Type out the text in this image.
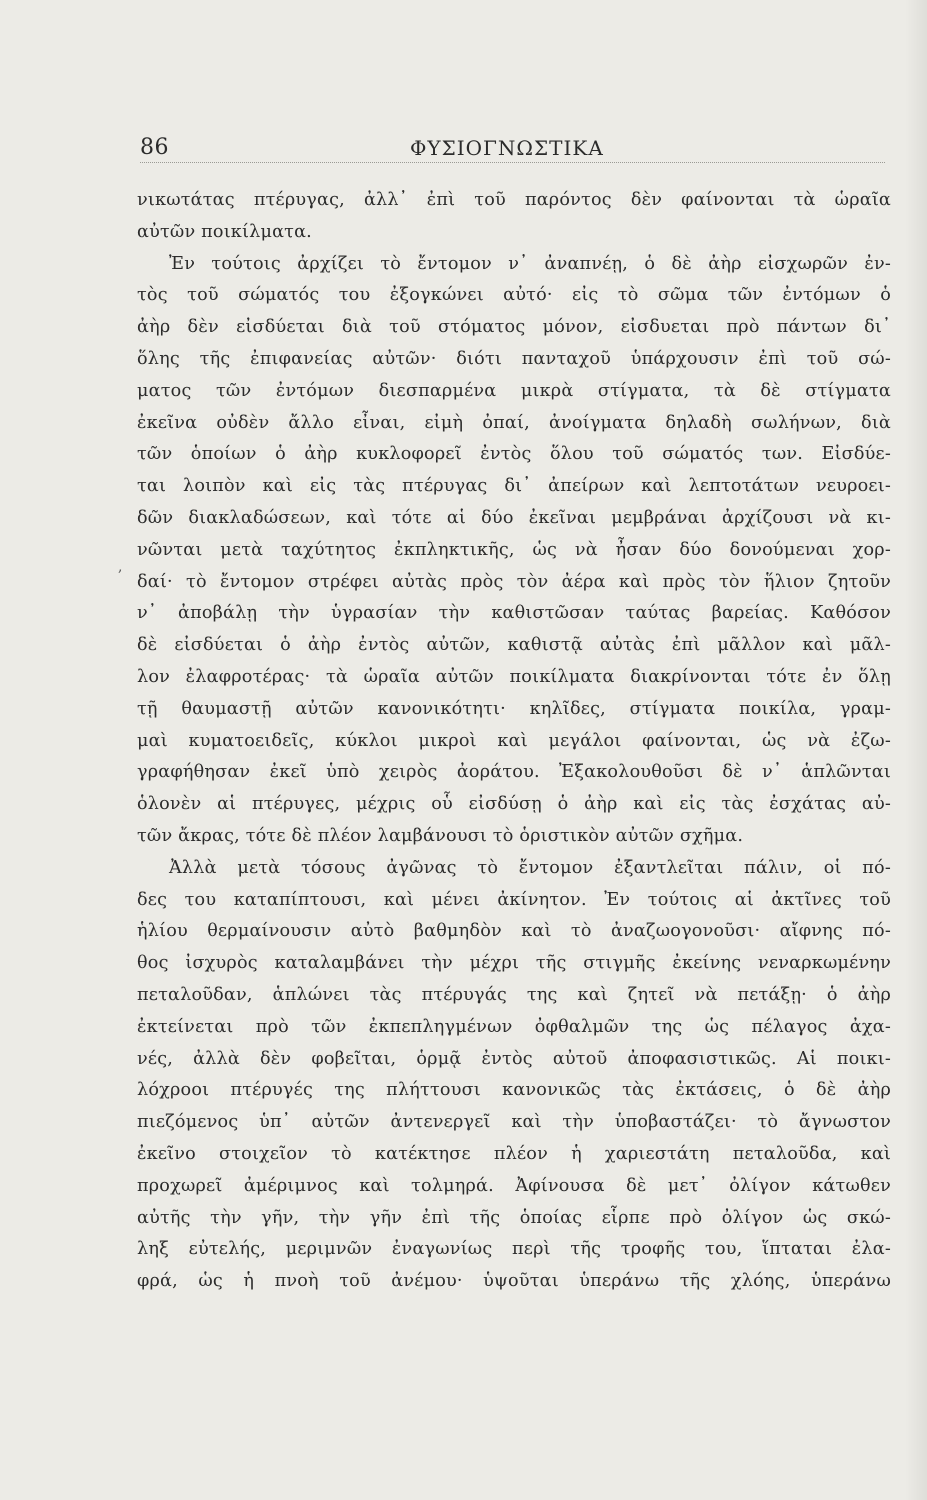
86	ΦΥΣΙΟΓΝΩΣΤΙΚΑ
,
νικωτάτας πτέρυγας, ἀλλ᾽ ἐπὶ τοῦ παρόντος δὲν φαίνονται τὰ ὡραῖα
αὐτῶν ποικίλματα.
Ἐν τούτοις ἀρχίζει τὸ ἔντομον ν᾽ ἀναπνέῃ, ὁ δὲ ἀὴρ εἰσχωρῶν ἐν-
τὸς τοῦ σώματός του ἐξογκώνει αὐτό· εἰς τὸ σῶμα τῶν ἐντόμων ὁ
ἀὴρ δὲν εἰσδύεται διὰ τοῦ στόματος μόνον, εἰσδυεται πρὸ πάντων δι᾽
ὅλης τῆς ἐπιφανείας αὐτῶν· διότι πανταχοῦ ὑπάρχουσιν ἐπὶ τοῦ σώ-
ματος τῶν ἐντόμων διεσπαρμένα μικρὰ στίγματα, τὰ δὲ στίγματα
ἐκεῖνα οὐδὲν ἄλλο εἶναι, εἰμὴ ὀπαί, ἀνοίγματα δηλαδὴ σωλήνων, διὰ
τῶν ὁποίων ὁ ἀὴρ κυκλοφορεῖ ἐντὸς ὅλου τοῦ σώματός των. Εἰσδύε-
ται λοιπὸν καὶ εἰς τὰς πτέρυγας δι᾽ ἀπείρων καὶ λεπτοτάτων νευροει-
δῶν διακλαδώσεων, καὶ τότε αἱ δύο ἐκεῖναι μεμβράναι ἀρχίζουσι νὰ κι-
νῶνται μετὰ ταχύτητος ἐκπληκτικῆς, ὡς νὰ ἦσαν δύο δονούμεναι χορ-
δαί· τὸ ἔντομον στρέφει αὐτὰς πρὸς τὸν ἀέρα καὶ πρὸς τὸν ἥλιον ζητοῦν
ν᾽ ἀποβάλῃ τὴν ὑγρασίαν τὴν καθιστῶσαν ταύτας βαρείας. Καθόσον
δὲ εἰσδύεται ὁ ἀὴρ ἐντὸς αὐτῶν, καθιστᾷ αὐτὰς ἐπὶ μᾶλλον καὶ μᾶλ-
λον ἐλαφροτέρας· τὰ ὡραῖα αὐτῶν ποικίλματα διακρίνονται τότε ἐν ὅλῃ
τῇ θαυμαστῇ αὐτῶν κανονικότητι· κηλῖδες, στίγματα ποικίλα, γραμ-
μαὶ κυματοειδεῖς, κύκλοι μικροὶ καὶ μεγάλοι φαίνονται, ὡς νὰ ἐζω-
γραφήθησαν ἐκεῖ ὑπὸ χειρὸς ἀοράτου. Ἐξακολουθοῦσι δὲ ν᾽ ἁπλῶνται
ὁλονὲν αἱ πτέρυγες, μέχρις οὗ εἰσδύσῃ ὁ ἀὴρ καὶ εἰς τὰς ἐσχάτας αὐ-
τῶν ἄκρας, τότε δὲ πλέον λαμβάνουσι τὸ ὁριστικὸν αὐτῶν σχῆμα.
Ἀλλὰ μετὰ τόσους ἀγῶνας τὸ ἔντομον ἐξαντλεῖται πάλιν, οἱ πό-
δες του καταπίπτουσι, καὶ μένει ἀκίνητον. Ἐν τούτοις αἱ ἀκτῖνες τοῦ
ἡλίου θερμαίνουσιν αὐτὸ βαθμηδὸν καὶ τὸ ἀναζωογονοῦσι· αἴφνης πό-
θος ἰσχυρὸς καταλαμβάνει τὴν μέχρι τῆς στιγμῆς ἐκείνης νεναρκωμένην
πεταλοῦδαν, ἁπλώνει τὰς πτέρυγάς της καὶ ζητεῖ νὰ πετάξῃ· ὁ ἀὴρ
ἐκτείνεται πρὸ τῶν ἐκπεπληγμένων ὀφθαλμῶν της ὡς πέλαγος ἀχα-
νές, ἀλλὰ δὲν φοβεῖται, ὁρμᾷ ἐντὸς αὐτοῦ ἀποφασιστικῶς. Αἱ ποικι-
λόχροοι πτέρυγές της πλήττουσι κανονικῶς τὰς ἐκτάσεις, ὁ δὲ ἀὴρ
πιεζόμενος ὑπ᾽ αὐτῶν ἀντενεργεῖ καὶ τὴν ὑποβαστάζει· τὸ ἄγνωστον
ἐκεῖνο στοιχεῖον τὸ κατέκτησε πλέον ἡ χαριεστάτη πεταλοῦδα, καὶ
προχωρεῖ ἀμέριμνος καὶ τολμηρά. Ἀφίνουσα δὲ μετ᾽ ὀλίγον κάτωθεν
αὐτῆς τὴν γῆν, τὴν γῆν ἐπὶ τῆς ὁποίας εἷρπε πρὸ ὀλίγον ὡς σκώ-
ληξ εὐτελής, μεριμνῶν ἐναγωνίως περὶ τῆς τροφῆς του, ἵπταται ἐλα-
φρά, ὡς ἡ πνοὴ τοῦ ἀνέμου· ὑψοῦται ὑπεράνω τῆς χλόης, ὑπεράνω
